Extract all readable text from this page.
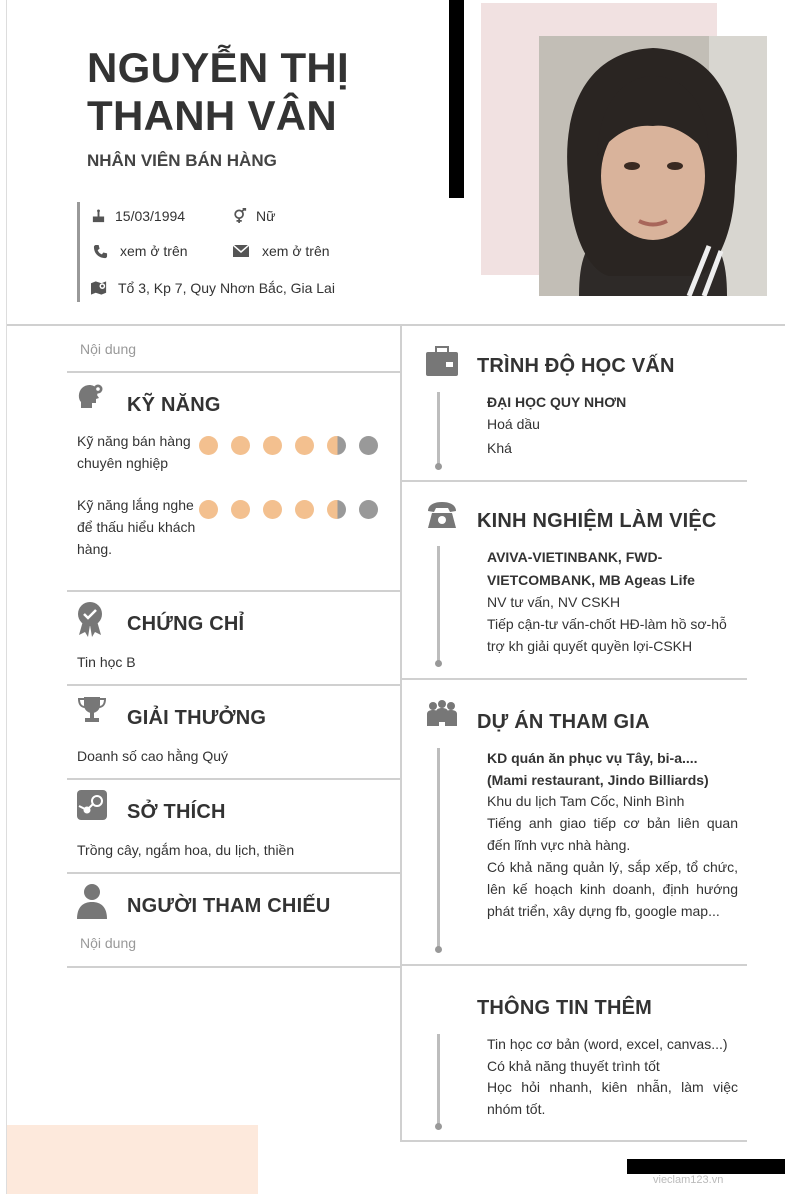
NGUYỄN THỊ THANH VÂN
NHÂN VIÊN BÁN HÀNG
15/03/1994	Nữ
xem ở trên	xem ở trên
Tổ 3, Kp 7, Quy Nhơn Bắc, Gia Lai
Nội dung
KỸ NĂNG
Kỹ năng bán hàng chuyên nghiệp
Kỹ năng lắng nghe để thấu hiểu khách hàng.
CHỨNG CHỈ
Tin học B
GIẢI THƯỞNG
Doanh số cao hằng Quý
SỞ THÍCH
Trồng cây, ngắm hoa, du lịch, thiền
NGƯỜI THAM CHIẾU
Nội dung
TRÌNH ĐỘ HỌC VẤN
ĐẠI HỌC QUY NHƠN
Hoá dầu
Khá
KINH NGHIỆM LÀM VIỆC
AVIVA-VIETINBANK, FWD-
VIETCOMBANK, MB Ageas Life
NV tư vấn, NV CSKH
Tiếp cận-tư vấn-chốt HĐ-làm hồ sơ-hỗ trợ kh giải quyết quyền lợi-CSKH
DỰ ÁN THAM GIA
KD quán ăn phục vụ Tây, bi-a.... (Mami restaurant, Jindo Billiards)
Khu du lịch Tam Cốc, Ninh Bình
Tiếng anh giao tiếp cơ bản liên quan đến lĩnh vực nhà hàng.
Có khả năng quản lý, sắp xếp, tổ chức, lên kế hoạch kinh doanh, định hướng phát triển, xây dựng fb, google map...
THÔNG TIN THÊM
Tin học cơ bản (word, excel, canvas...)
Có khả năng thuyết trình tốt
Học hỏi nhanh, kiên nhẫn, làm việc nhóm tốt.
vieclam123.vn
